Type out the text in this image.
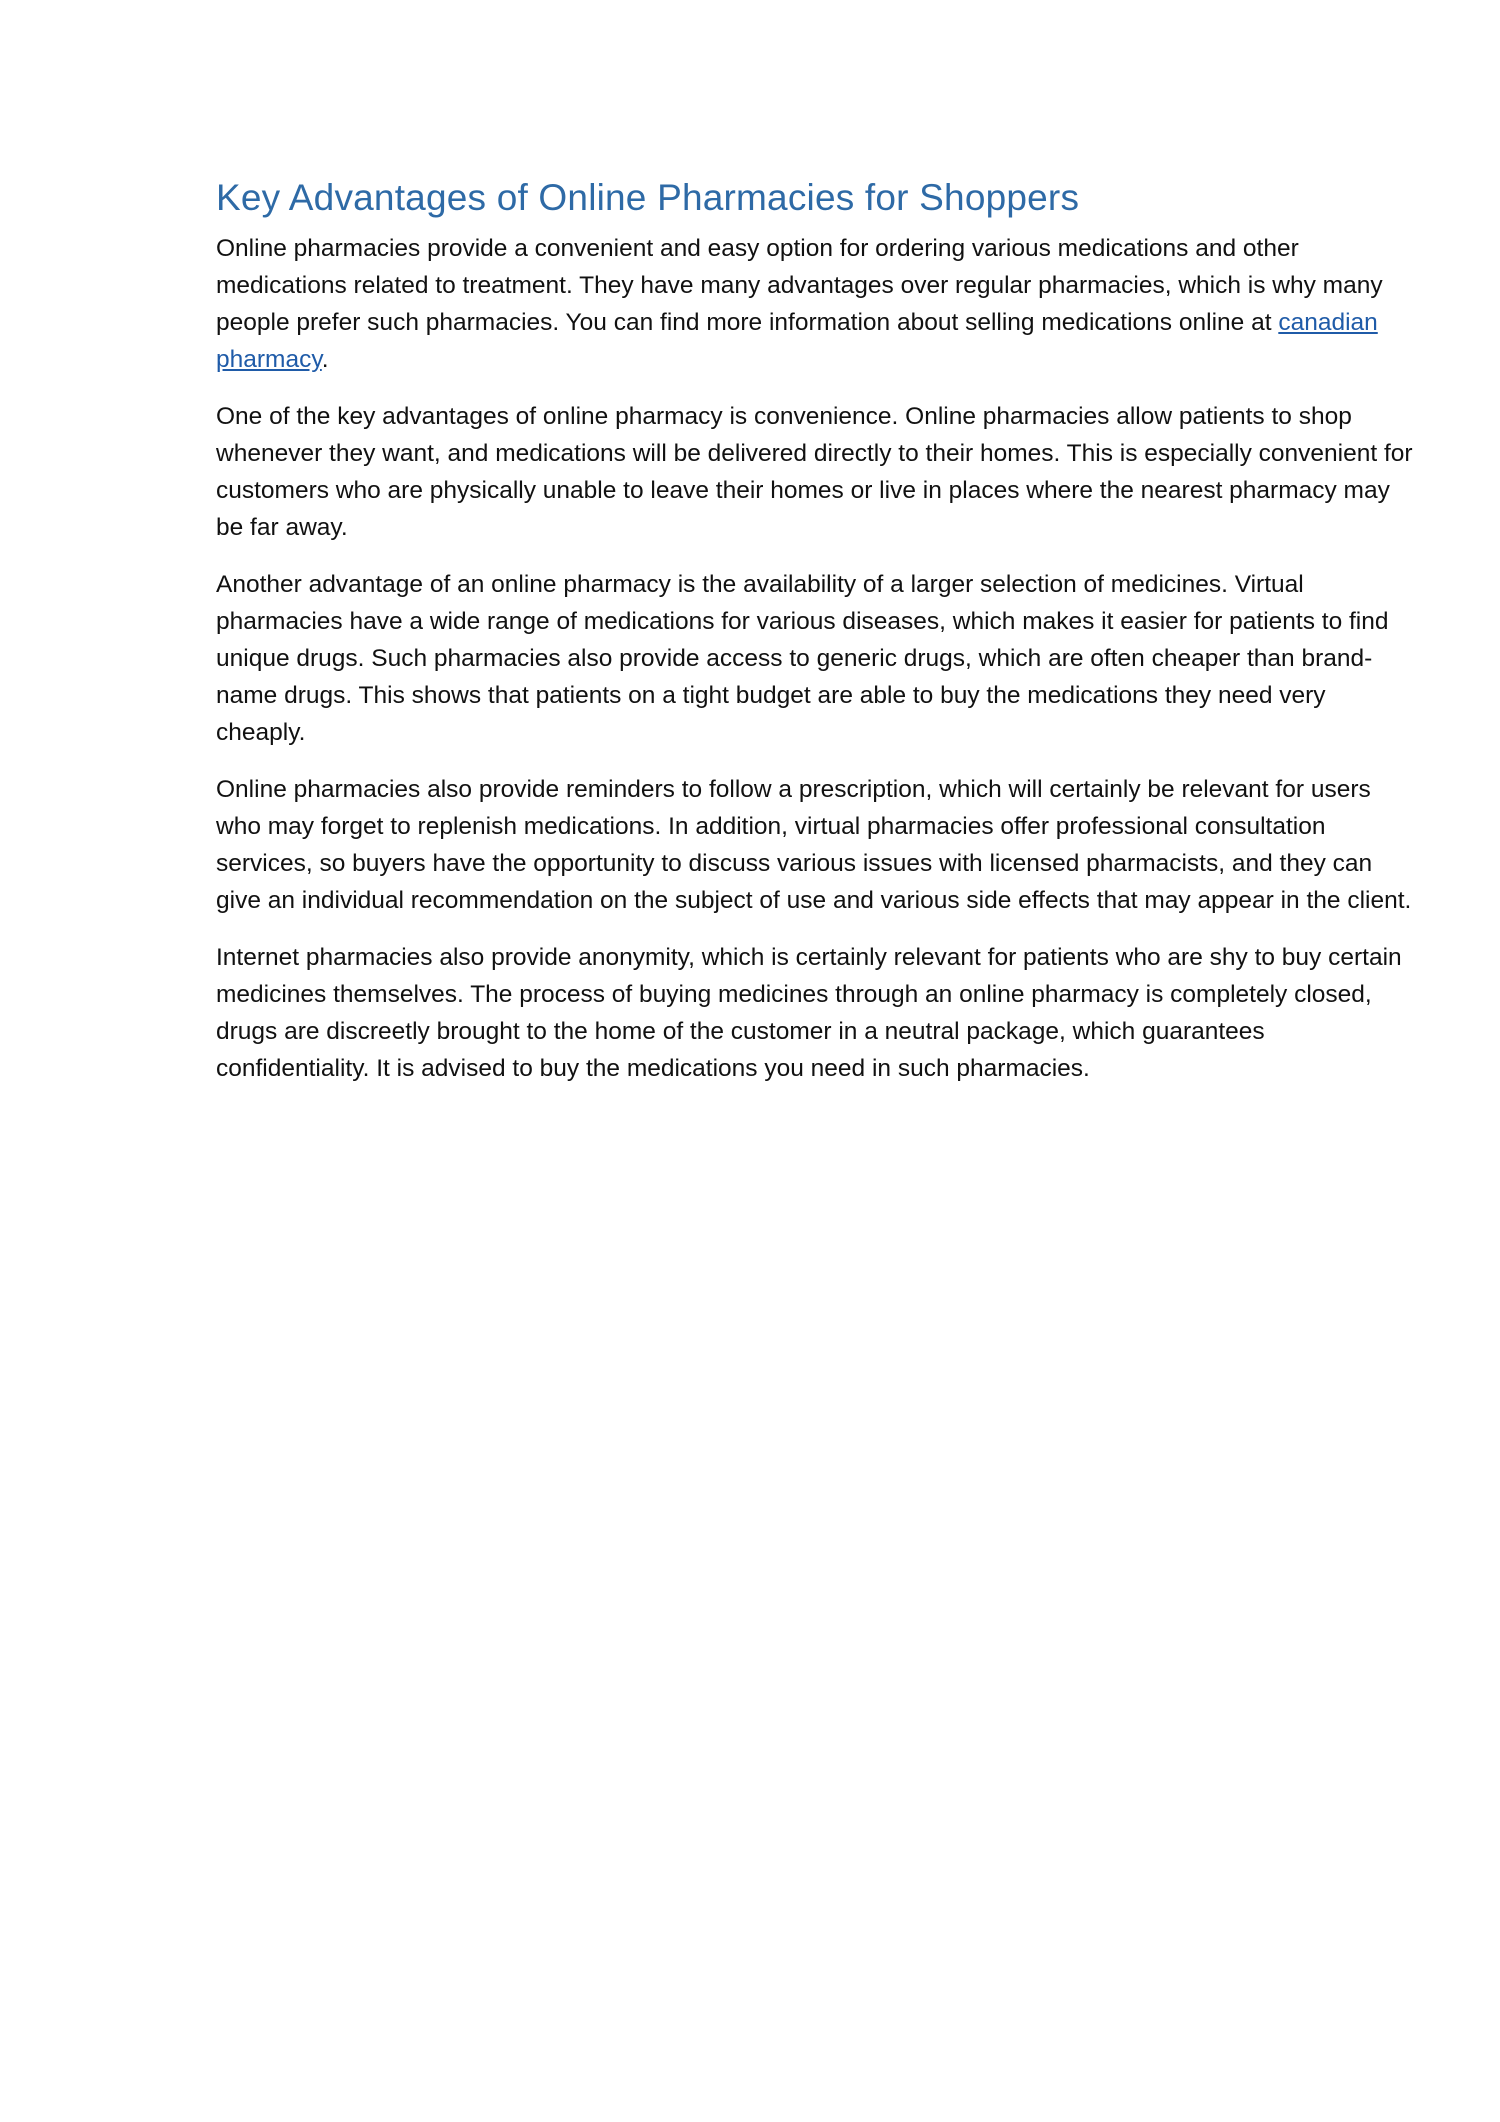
Key Advantages of Online Pharmacies for Shoppers

Online pharmacies provide a convenient and easy option for ordering various medications and other medications related to treatment. They have many advantages over regular pharmacies, which is why many people prefer such pharmacies. You can find more information about selling medications online at canadian pharmacy.

One of the key advantages of online pharmacy is convenience. Online pharmacies allow patients to shop whenever they want, and medications will be delivered directly to their homes. This is especially convenient for customers who are physically unable to leave their homes or live in places where the nearest pharmacy may be far away.

Another advantage of an online pharmacy is the availability of a larger selection of medicines. Virtual pharmacies have a wide range of medications for various diseases, which makes it easier for patients to find unique drugs. Such pharmacies also provide access to generic drugs, which are often cheaper than brand-name drugs. This shows that patients on a tight budget are able to buy the medications they need very cheaply.

Online pharmacies also provide reminders to follow a prescription, which will certainly be relevant for users who may forget to replenish medications. In addition, virtual pharmacies offer professional consultation services, so buyers have the opportunity to discuss various issues with licensed pharmacists, and they can give an individual recommendation on the subject of use and various side effects that may appear in the client.

Internet pharmacies also provide anonymity, which is certainly relevant for patients who are shy to buy certain medicines themselves. The process of buying medicines through an online pharmacy is completely closed, drugs are discreetly brought to the home of the customer in a neutral package, which guarantees confidentiality. It is advised to buy the medications you need in such pharmacies.
